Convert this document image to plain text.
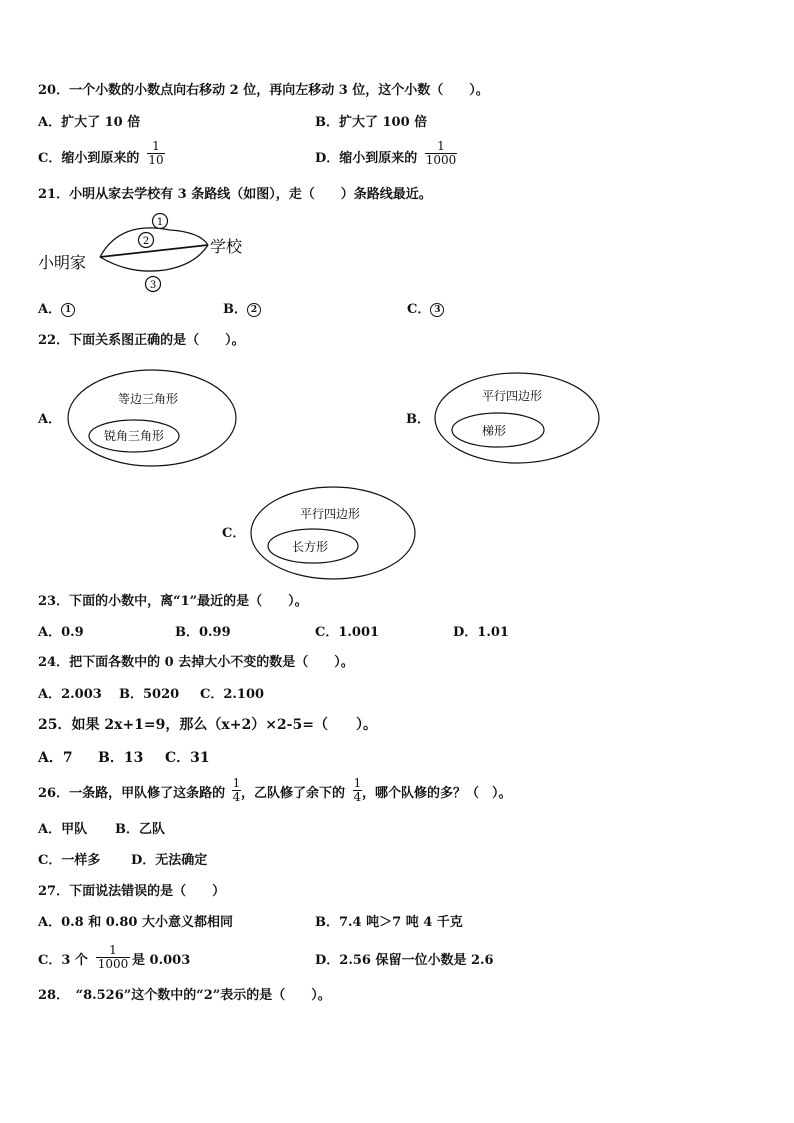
20．一个小数的小数点向右移动 2 位，再向左移动 3 位，这个小数（　　）。
A．扩大了 10 倍	B．扩大了 100 倍
C．缩小到原来的 $\frac{1}{10}$	D．缩小到原来的 $\frac{1}{1000}$
21．小明从家去学校有 3 条路线（如图），走（　　）条路线最近。
1
2
3
小明家
学校
A． 1	B． 2	C． 3
22．下面关系图正确的是（　　）。
A．
等边三角形
锐角三角形
B．
平行四边形
梯形
C．
平行四边形
长方形
23．下面的小数中，离“1”最近的是（　　）。
A．0.9	B．0.99	C．1.001	D．1.01
24．把下面各数中的 0 去掉大小不变的数是（　　）。
A．2.003 B．5020 C．2.100
25．如果 2x+1=9，那么（x+2）×2-5=（　　）。
A．7 B．13 C．31
26．一条路，甲队修了这条路的 $\frac{1}{4}$ ，乙队修了余下的 $\frac{1}{4}$ ，哪个队修的多？（　）。
A．甲队 B．乙队
C．一样多 D．无法确定
27．下面说法错误的是（　　）
A．0.8 和 0.80 大小意义都相同	B．7.4 吨＞7 吨 4 千克
C．3 个 $\frac{1}{1000}$ 是 0.003	D．2.56 保留一位小数是 2.6
28．　“8.526”这个数中的“2”表示的是（　　）。
